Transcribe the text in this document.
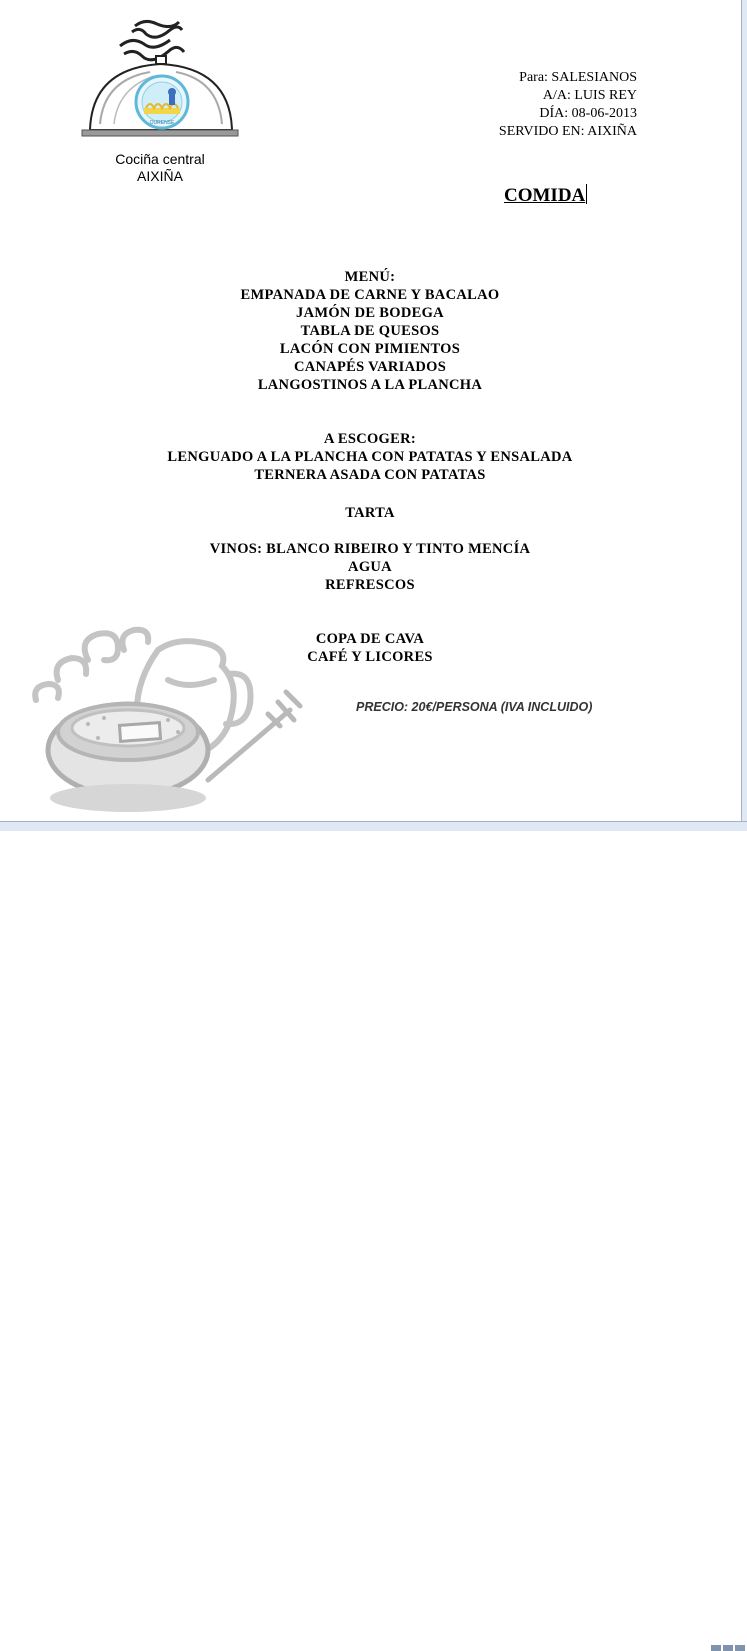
OURENSE
Cociña central
AIXIÑA
Para: SALESIANOS
A/A: LUIS REY
DÍA: 08-06-2013
SERVIDO EN: AIXIÑA
COMIDA
MENÚ:
EMPANADA DE CARNE Y BACALAO
JAMÓN DE BODEGA
TABLA DE QUESOS
LACÓN CON PIMIENTOS
CANAPÉS VARIADOS
LANGOSTINOS A LA PLANCHA
A ESCOGER:
LENGUADO A LA PLANCHA CON PATATAS Y ENSALADA
TERNERA ASADA CON PATATAS
TARTA
VINOS: BLANCO RIBEIRO Y TINTO MENCÍA
AGUA
REFRESCOS
COPA DE CAVA
CAFÉ Y LICORES
PRECIO: 20€/PERSONA (IVA INCLUIDO)
